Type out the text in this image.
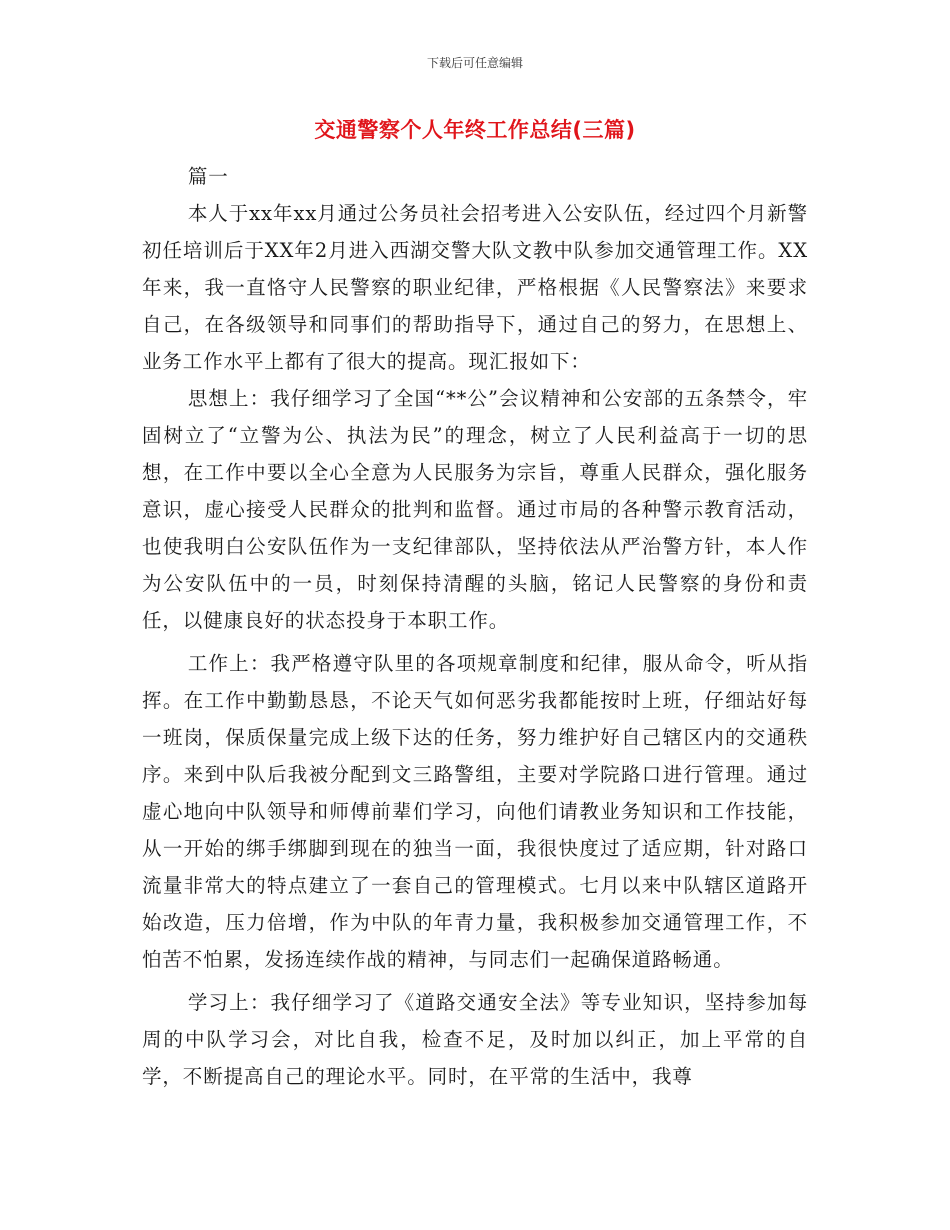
下载后可任意编辑
交通警察个人年终工作总结(三篇)
篇一

本人于xx年xx月通过公务员社会招考进入公安队伍，经过四个月新警初任培训后于XX年2月进入西湖交警大队文教中队参加交通管理工作。XX年来，我一直恪守人民警察的职业纪律，严格根据《人民警察法》来要求自己，在各级领导和同事们的帮助指导下，通过自己的努力，在思想上、业务工作水平上都有了很大的提高。现汇报如下：

思想上：我仔细学习了全国“**公”会议精神和公安部的五条禁令，牢固树立了“立警为公、执法为民”的理念，树立了人民利益高于一切的思想，在工作中要以全心全意为人民服务为宗旨，尊重人民群众，强化服务意识，虚心接受人民群众的批判和监督。通过市局的各种警示教育活动，也使我明白公安队伍作为一支纪律部队，坚持依法从严治警方针，本人作为公安队伍中的一员，时刻保持清醒的头脑，铭记人民警察的身份和责任，以健康良好的状态投身于本职工作。

工作上：我严格遵守队里的各项规章制度和纪律，服从命令，听从指挥。在工作中勤勤恳恳，不论天气如何恶劣我都能按时上班，仔细站好每一班岗，保质保量完成上级下达的任务，努力维护好自己辖区内的交通秩序。来到中队后我被分配到文三路警组，主要对学院路口进行管理。通过虚心地向中队领导和师傅前辈们学习，向他们请教业务知识和工作技能，从一开始的绑手绑脚到现在的独当一面，我很快度过了适应期，针对路口流量非常大的特点建立了一套自己的管理模式。七月以来中队辖区道路开始改造，压力倍增，作为中队的年青力量，我积极参加交通管理工作，不怕苦不怕累，发扬连续作战的精神，与同志们一起确保道路畅通。

学习上：我仔细学习了《道路交通安全法》等专业知识，坚持参加每周的中队学习会，对比自我，检查不足，及时加以纠正，加上平常的自学，不断提高自己的理论水平。同时，在平常的生活中，我尊
